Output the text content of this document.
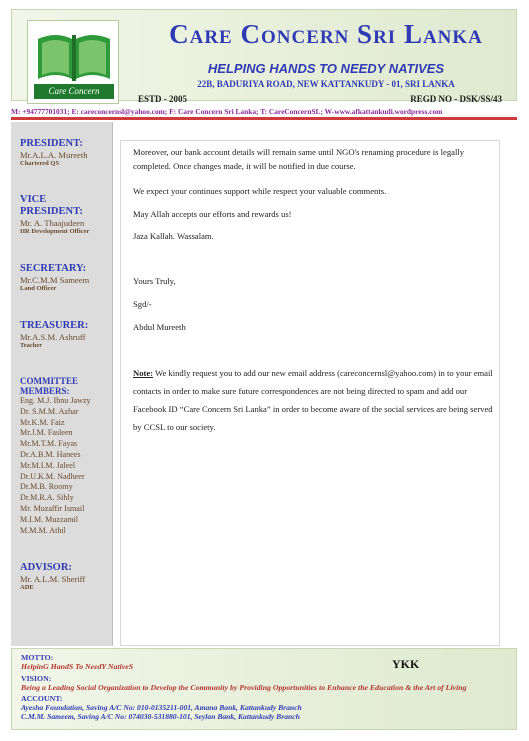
Care Concern
Care Concern Sri Lanka
HELPING HANDS TO NEEDY NATIVES
22B, BADURIYA ROAD, NEW KATTANKUDY - 01, SRI LANKA
ESTD - 2005	REGD NO - DSK/SS/43
M: +94777701031; E: careconcernsl@yahoo.com; F: Care Concern Sri Lanka; T: CareConcernSL; W-www.afkattankudi.wordpress.com
PRESIDENT:
Mr.A.L.A. Mureeth
Chartered QS
VICE
PRESIDENT:
Mr. A. Thaajudeen
HR Development Officer
SECRETARY:
Mr.C.M.M Sameem
Land Officer
TREASURER:
Mr.A.S.M. Ashruff
Teacher
COMMITTEE
MEMBERS:
Eng. M.J. Ibnu Jawzy
Dr. S.M.M. Azhar
Mr.K.M. Faiz
Mr.J.M. Fasleen
Mr.M.T.M. Fayas
Dr.A.B.M. Hanees
Mr.M.I.M. Jaleel
Dr.U.K.M. Nadheer
Dr.M.B. Roomy
Dr.M.R.A. Sihly
Mr. Muzaffir Ismail
M.I.M. Muzzamil
M.M.M. Athil
ADVISOR:
Mr. A.L.M. Sheriff
ADE
Moreover, our bank account details will remain same until NGO's renaming procedure is legally completed. Once changes made, it will be notified in due course.
We expect your continues support while respect your valuable comments.
May Allah accepts our efforts and rewards us!
Jaza Kallah. Wassalam.
Yours Truly,
Sgd/-
Abdul Mureeth
Note: We kindly request you to add our new email address (careconcernsl@yahoo.com) in to your email contacts in order to make sure future correspondences are not being directed to spam and add our Facebook ID “Care Concern Sri Lanka” in order to become aware of the social services are being served by CCSL to our society.
MOTTO:
HelpinG HandS To NeedY NativeS	YKK
VISION:
Being a Leading Social Organization to Develop the Community by Providing Opportunities to Enhance the Education & the Art of Living
ACCOUNT:
Ayesha Foundation, Saving A/C No: 010-0135211-001, Amana Bank, Kattankudy Branch
C.M.M. Sameem, Saving A/C No: 074030-531880-101, Seylan Bank, Kattankudy Branch
